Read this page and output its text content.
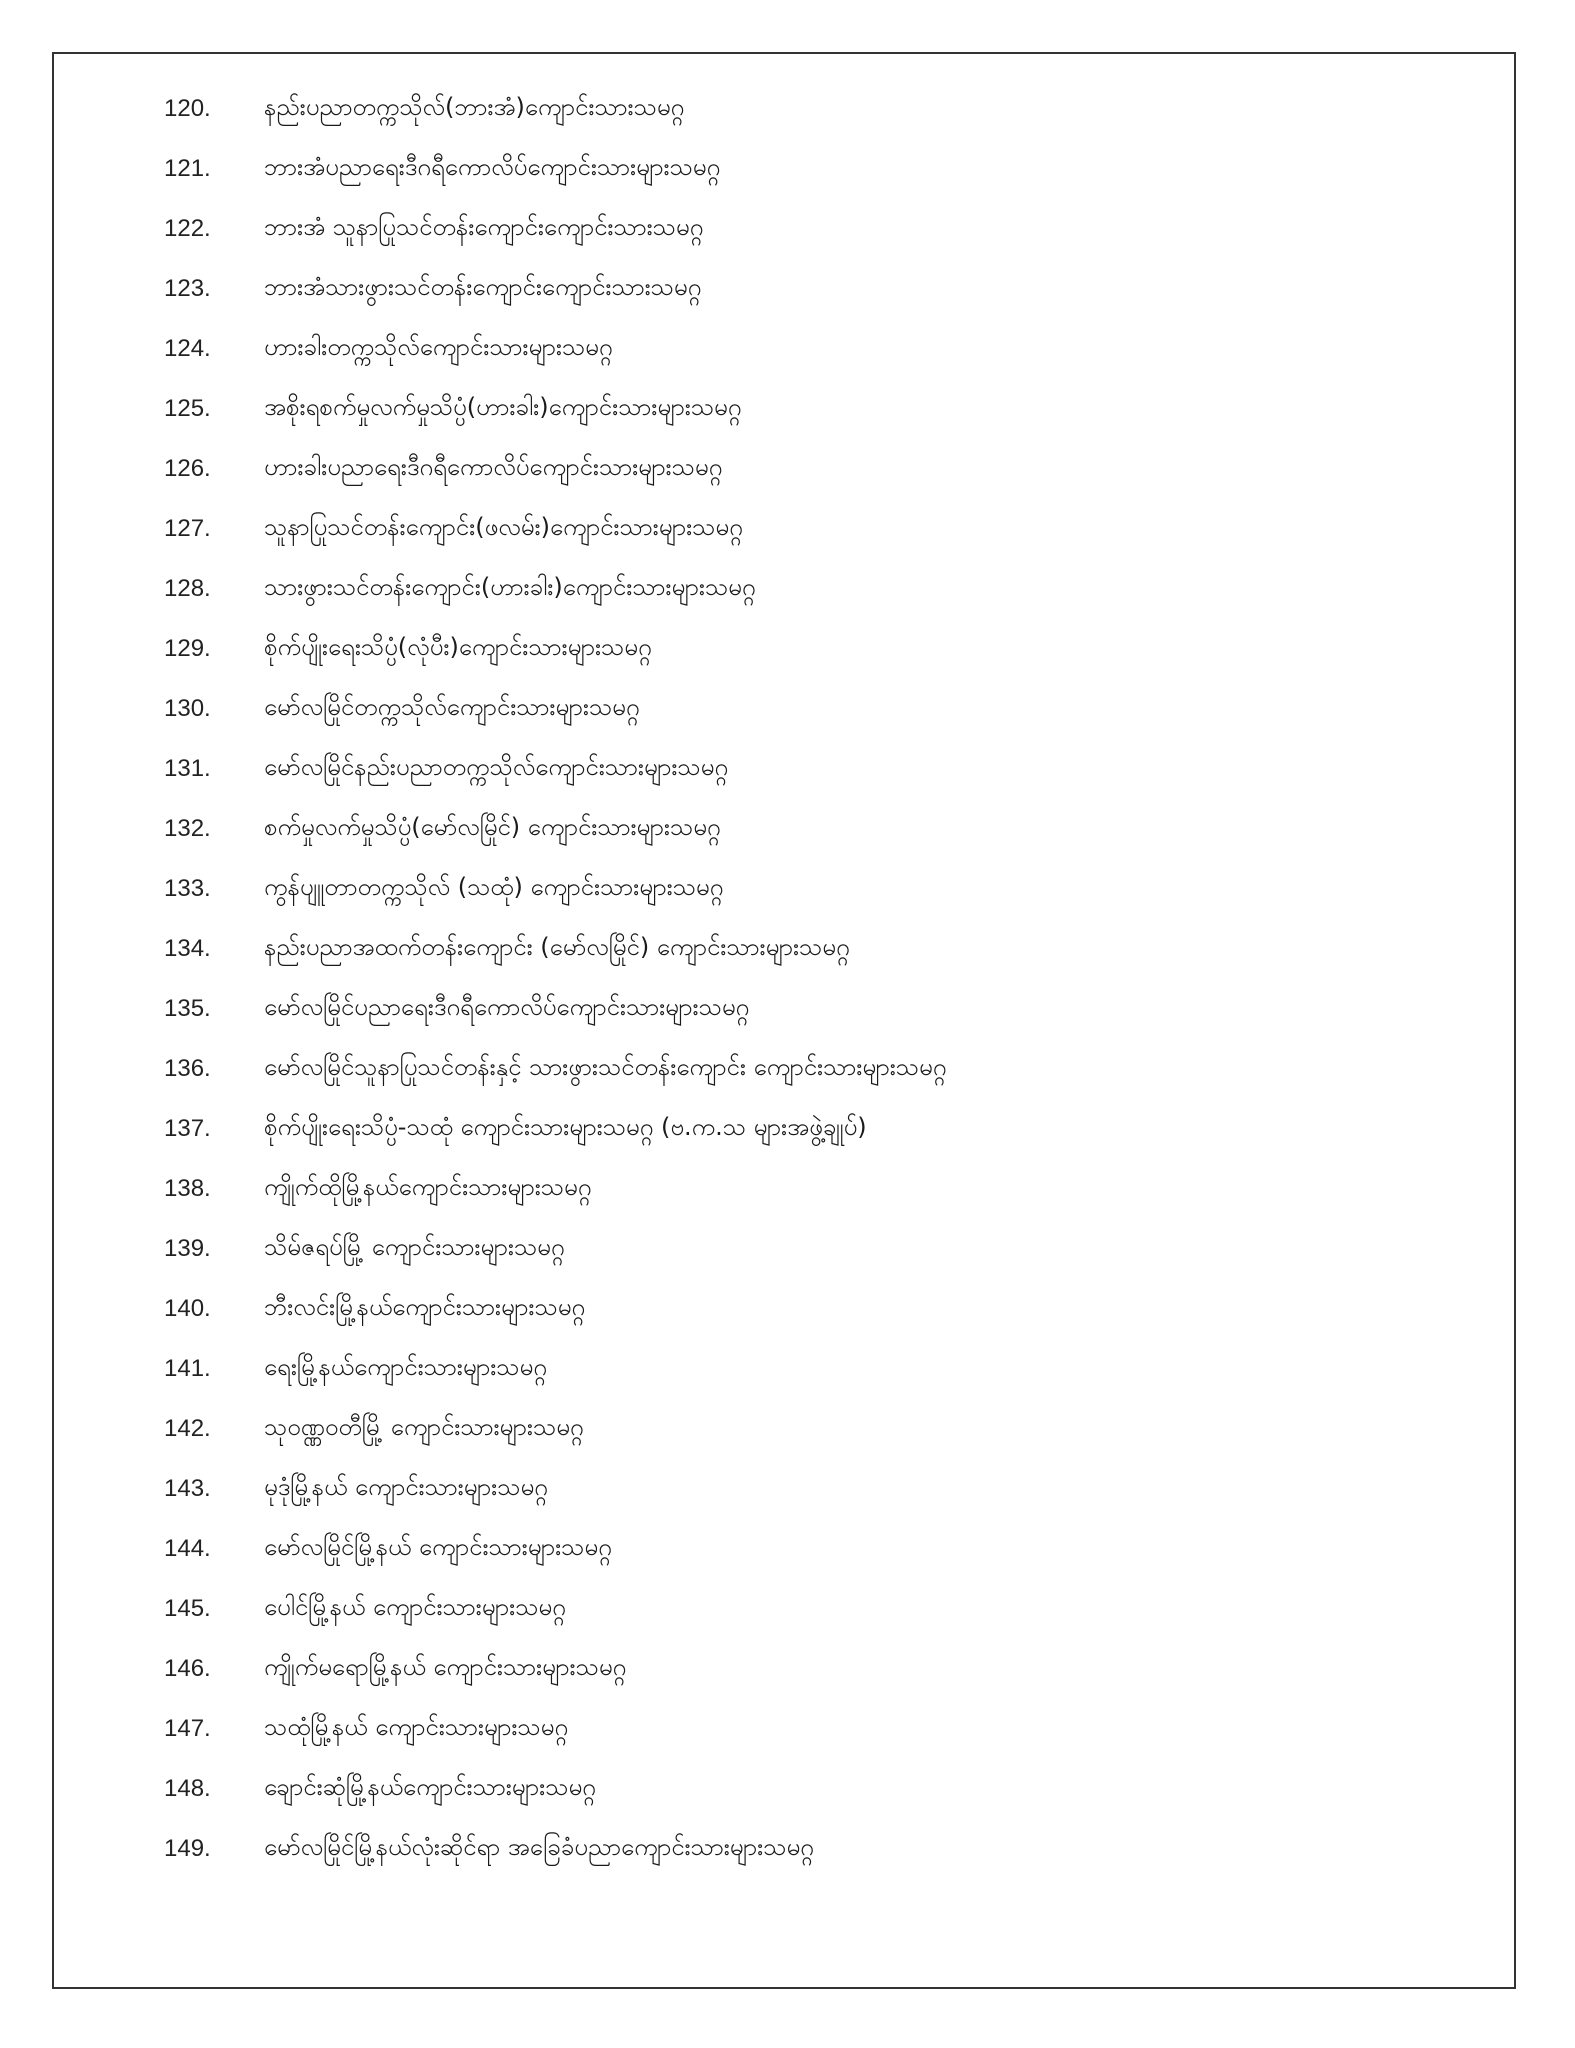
120.	နည်းပညာတက္ကသိုလ်(ဘားအံ)ကျောင်းသားသမဂ္ဂ
121.	ဘားအံပညာရေးဒီဂရီကောလိပ်ကျောင်းသားများသမဂ္ဂ
122.	ဘားအံ သူနာပြုသင်တန်းကျောင်းကျောင်းသားသမဂ္ဂ
123.	ဘားအံသားဖွားသင်တန်းကျောင်းကျောင်းသားသမဂ္ဂ
124.	ဟားခါးတက္ကသိုလ်ကျောင်းသားများသမဂ္ဂ
125.	အစိုးရစက်မှုလက်မှုသိပ္ပံ(ဟားခါး)ကျောင်းသားများသမဂ္ဂ
126.	ဟားခါးပညာရေးဒီဂရီကောလိပ်ကျောင်းသားများသမဂ္ဂ
127.	သူနာပြုသင်တန်းကျောင်း(ဖလမ်း)ကျောင်းသားများသမဂ္ဂ
128.	သားဖွားသင်တန်းကျောင်း(ဟားခါး)ကျောင်းသားများသမဂ္ဂ
129.	စိုက်ပျိုးရေးသိပ္ပံ(လုံပီး)ကျောင်းသားများသမဂ္ဂ
130.	မော်လမြိုင်တက္ကသိုလ်ကျောင်းသားများသမဂ္ဂ
131.	မော်လမြိုင်နည်းပညာတက္ကသိုလ်ကျောင်းသားများသမဂ္ဂ
132.	စက်မှုလက်မှုသိပ္ပံ(မော်လမြိုင်) ကျောင်းသားများသမဂ္ဂ
133.	ကွန်ပျူတာတက္ကသိုလ် (သထုံ) ကျောင်းသားများသမဂ္ဂ
134.	နည်းပညာအထက်တန်းကျောင်း (မော်လမြိုင်) ကျောင်းသားများသမဂ္ဂ
135.	မော်လမြိုင်ပညာရေးဒီဂရီကောလိပ်ကျောင်းသားများသမဂ္ဂ
136.	မော်လမြိုင်သူနာပြုသင်တန်းနှင့် သားဖွားသင်တန်းကျောင်း ကျောင်းသားများသမဂ္ဂ
137.	စိုက်ပျိုးရေးသိပ္ပံ-သထုံ ကျောင်းသားများသမဂ္ဂ (ဗ.က.သ များအဖွဲ့ချုပ်)
138.	ကျိုက်ထိုမြို့နယ်ကျောင်းသားများသမဂ္ဂ
139.	သိမ်ဇရပ်မြို့ ကျောင်းသားများသမဂ္ဂ
140.	ဘီးလင်းမြို့နယ်ကျောင်းသားများသမဂ္ဂ
141.	ရေးမြို့နယ်ကျောင်းသားများသမဂ္ဂ
142.	သုဝဏ္ဏဝတီမြို့ ကျောင်းသားများသမဂ္ဂ
143.	မုဒုံမြို့နယ် ကျောင်းသားများသမဂ္ဂ
144.	မော်လမြိုင်မြို့နယ် ကျောင်းသားများသမဂ္ဂ
145.	ပေါင်မြို့နယ် ကျောင်းသားများသမဂ္ဂ
146.	ကျိုက်မရောမြို့နယ် ကျောင်းသားများသမဂ္ဂ
147.	သထုံမြို့နယ် ကျောင်းသားများသမဂ္ဂ
148.	ချောင်းဆုံမြို့နယ်ကျောင်းသားများသမဂ္ဂ
149.	မော်လမြိုင်မြို့နယ်လုံးဆိုင်ရာ အခြေခံပညာကျောင်းသားများသမဂ္ဂ
